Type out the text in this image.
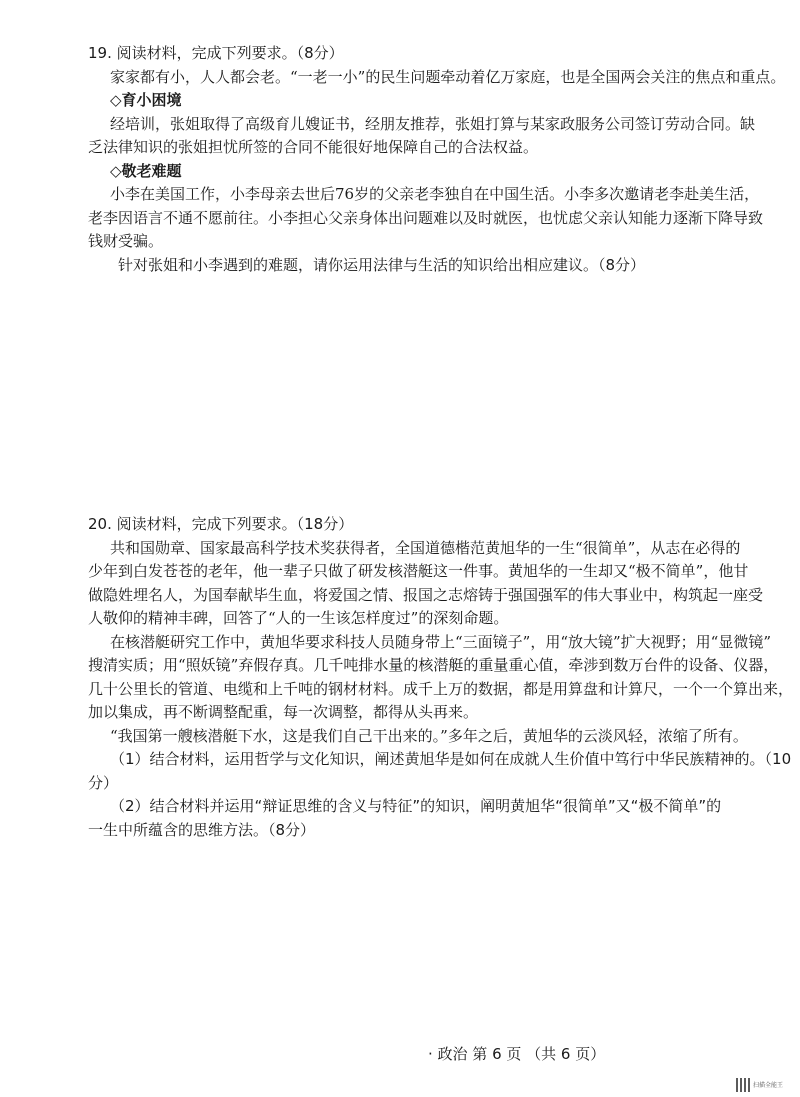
19. 阅读材料，完成下列要求。（8分）

家家都有小，人人都会老。“一老一小”的民生问题牵动着亿万家庭，也是全国两会关注的焦点和重点。

◇育小困境

经培训，张姐取得了高级育儿嫂证书，经朋友推荐，张姐打算与某家政服务公司签订劳动合同。缺

乏法律知识的张姐担忧所签的合同不能很好地保障自己的合法权益。

◇敬老难题

小李在美国工作，小李母亲去世后76岁的父亲老李独自在中国生活。小李多次邀请老李赴美生活，

老李因语言不通不愿前往。小李担心父亲身体出问题难以及时就医，也忧虑父亲认知能力逐渐下降导致

钱财受骗。

针对张姐和小李遇到的难题，请你运用法律与生活的知识给出相应建议。（8分）

20. 阅读材料，完成下列要求。（18分）

共和国勋章、国家最高科学技术奖获得者，全国道德楷范黄旭华的一生“很简单”，从志在必得的

少年到白发苍苍的老年，他一辈子只做了研发核潜艇这一件事。黄旭华的一生却又“极不简单”，他甘

做隐姓埋名人，为国奉献毕生血，将爱国之情、报国之志熔铸于强国强军的伟大事业中，构筑起一座受

人敬仰的精神丰碑，回答了“人的一生该怎样度过”的深刻命题。

在核潜艇研究工作中，黄旭华要求科技人员随身带上“三面镜子”，用“放大镜”扩大视野；用“显微镜”

搜清实质；用“照妖镜”弃假存真。几千吨排水量的核潜艇的重量重心值，牵涉到数万台件的设备、仪器，

几十公里长的管道、电缆和上千吨的钢材材料。成千上万的数据，都是用算盘和计算尺，一个一个算出来，

加以集成，再不断调整配重，每一次调整，都得从头再来。

“我国第一艘核潜艇下水，这是我们自己干出来的。”多年之后，黄旭华的云淡风轻，浓缩了所有。

（1）结合材料，运用哲学与文化知识，阐述黄旭华是如何在成就人生价值中笃行中华民族精神的。（10

分）

（2）结合材料并运用“辩证思维的含义与特征”的知识，阐明黄旭华“很简单”又“极不简单”的

一生中所蕴含的思维方法。（8分）

· 政治 第 6 页 （共 6 页）
扫描全能王
